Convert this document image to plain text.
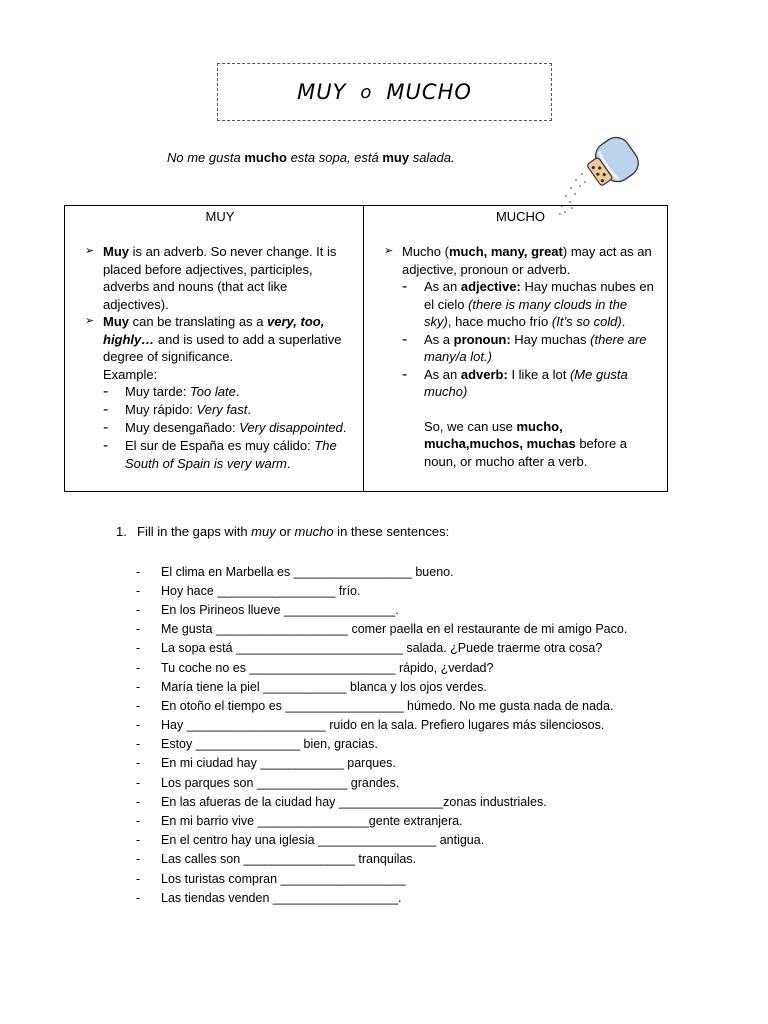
MUY o MUCHO
No me gusta mucho esta sopa, está muy salada.
MUY
➢ Muy is an adverb. So never change. It is placed before adjectives, participles, adverbs and nouns (that act like adjectives).

➢ Muy can be translating as a very, too, highly… and is used to add a superlative degree of significance.
Example:

-	Muy tarde: Too late.

-	Muy rápido: Very fast.

-	Muy desengañado: Very disappointed.

-	El sur de España es muy cálido: The South of Spain is very warm.

MUCHO
➢ Mucho (much, many, great) may act as an adjective, pronoun or adverb.

-	As an adjective: Hay muchas nubes en el cielo (there is many clouds in the sky), hace mucho frío (It’s so cold).

-	As a pronoun: Hay muchas (there are many/a lot.)

-	As an adverb: I like a lot (Me gusta mucho)

So, we can use mucho, mucha,muchos, muchas before a noun, or mucho after a verb.

1. Fill in the gaps with muy or mucho in these sentences:
-	El clima en Marbella es _________________ bueno.
-	Hoy hace _________________ frío.
-	En los Pirineos llueve ________________.
-	Me gusta ___________________ comer paella en el restaurante de mi amigo Paco.
-	La sopa está ________________________ salada. ¿Puede traerme otra cosa?
-	Tu coche no es _____________________ rápido, ¿verdad?
-	María tiene la piel ____________ blanca y los ojos verdes.
-	En otoño el tiempo es _________________ húmedo. No me gusta nada de nada.
-	Hay ____________________ ruido en la sala. Prefiero lugares más silenciosos.
-	Estoy _______________ bien, gracias.
-	En mi ciudad hay ____________ parques.
-	Los parques son _____________ grandes.
-	En las afueras de la ciudad hay _______________zonas industriales.
-	En mi barrio vive ________________gente extranjera.
-	En el centro hay una iglesia _________________ antigua.
-	Las calles son ________________ tranquilas.
-	Los turistas compran __________________
-	Las tiendas venden __________________.
